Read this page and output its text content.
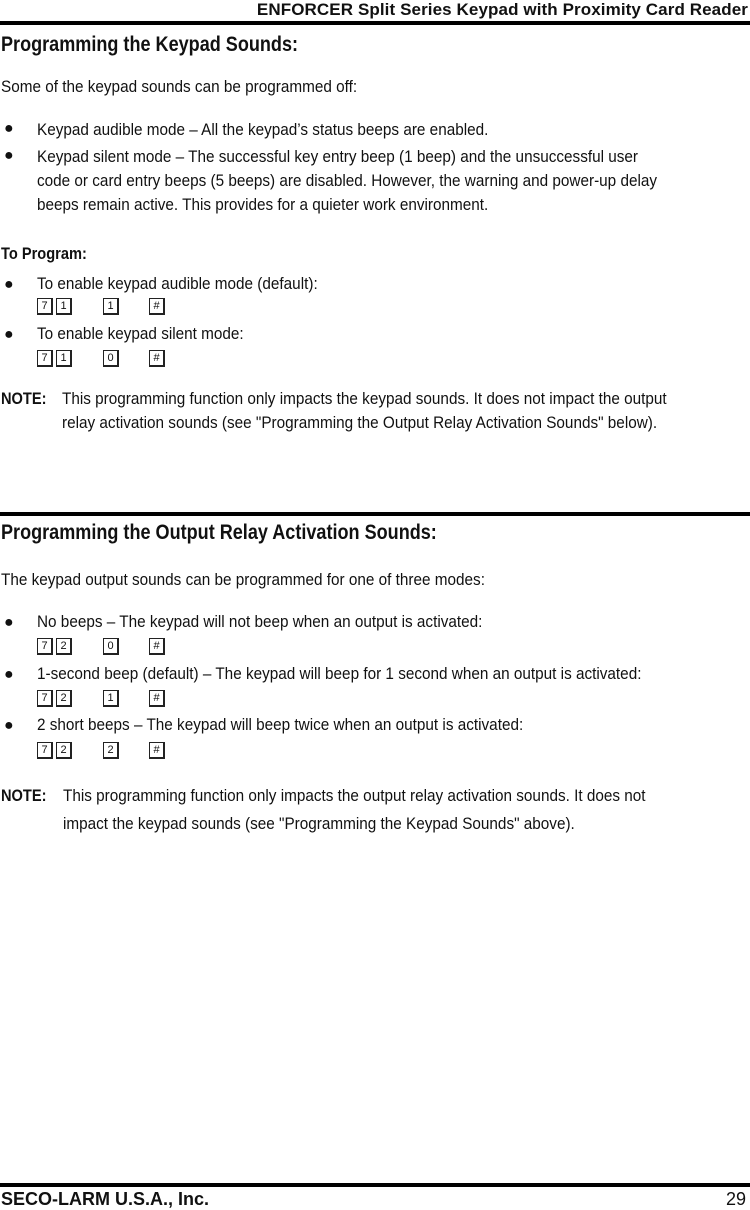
ENFORCER Split Series Keypad with Proximity Card Reader
Programming the Keypad Sounds:
Some of the keypad sounds can be programmed off:
● Keypad audible mode – All the keypad’s status beeps are enabled.
● Keypad silent mode – The successful key entry beep (1 beep) and the unsuccessful user
code or card entry beeps (5 beeps) are disabled. However, the warning and power-up delay
beeps remain active. This provides for a quieter work environment.
To Program:
● To enable keypad audible mode (default):
7	1	1	#
● To enable keypad silent mode:
7	1	0	#
NOTE: This programming function only impacts the keypad sounds. It does not impact the output
relay activation sounds (see "Programming the Output Relay Activation Sounds" below).
Programming the Output Relay Activation Sounds:
The keypad output sounds can be programmed for one of three modes:
● No beeps – The keypad will not beep when an output is activated:
7	2	0	#
● 1-second beep (default) – The keypad will beep for 1 second when an output is activated:
7	2	1	#
● 2 short beeps – The keypad will beep twice when an output is activated:
7	2	2	#
NOTE: This programming function only impacts the output relay activation sounds. It does not
impact the keypad sounds (see "Programming the Keypad Sounds" above).
SECO-LARM U.S.A., Inc.	29
